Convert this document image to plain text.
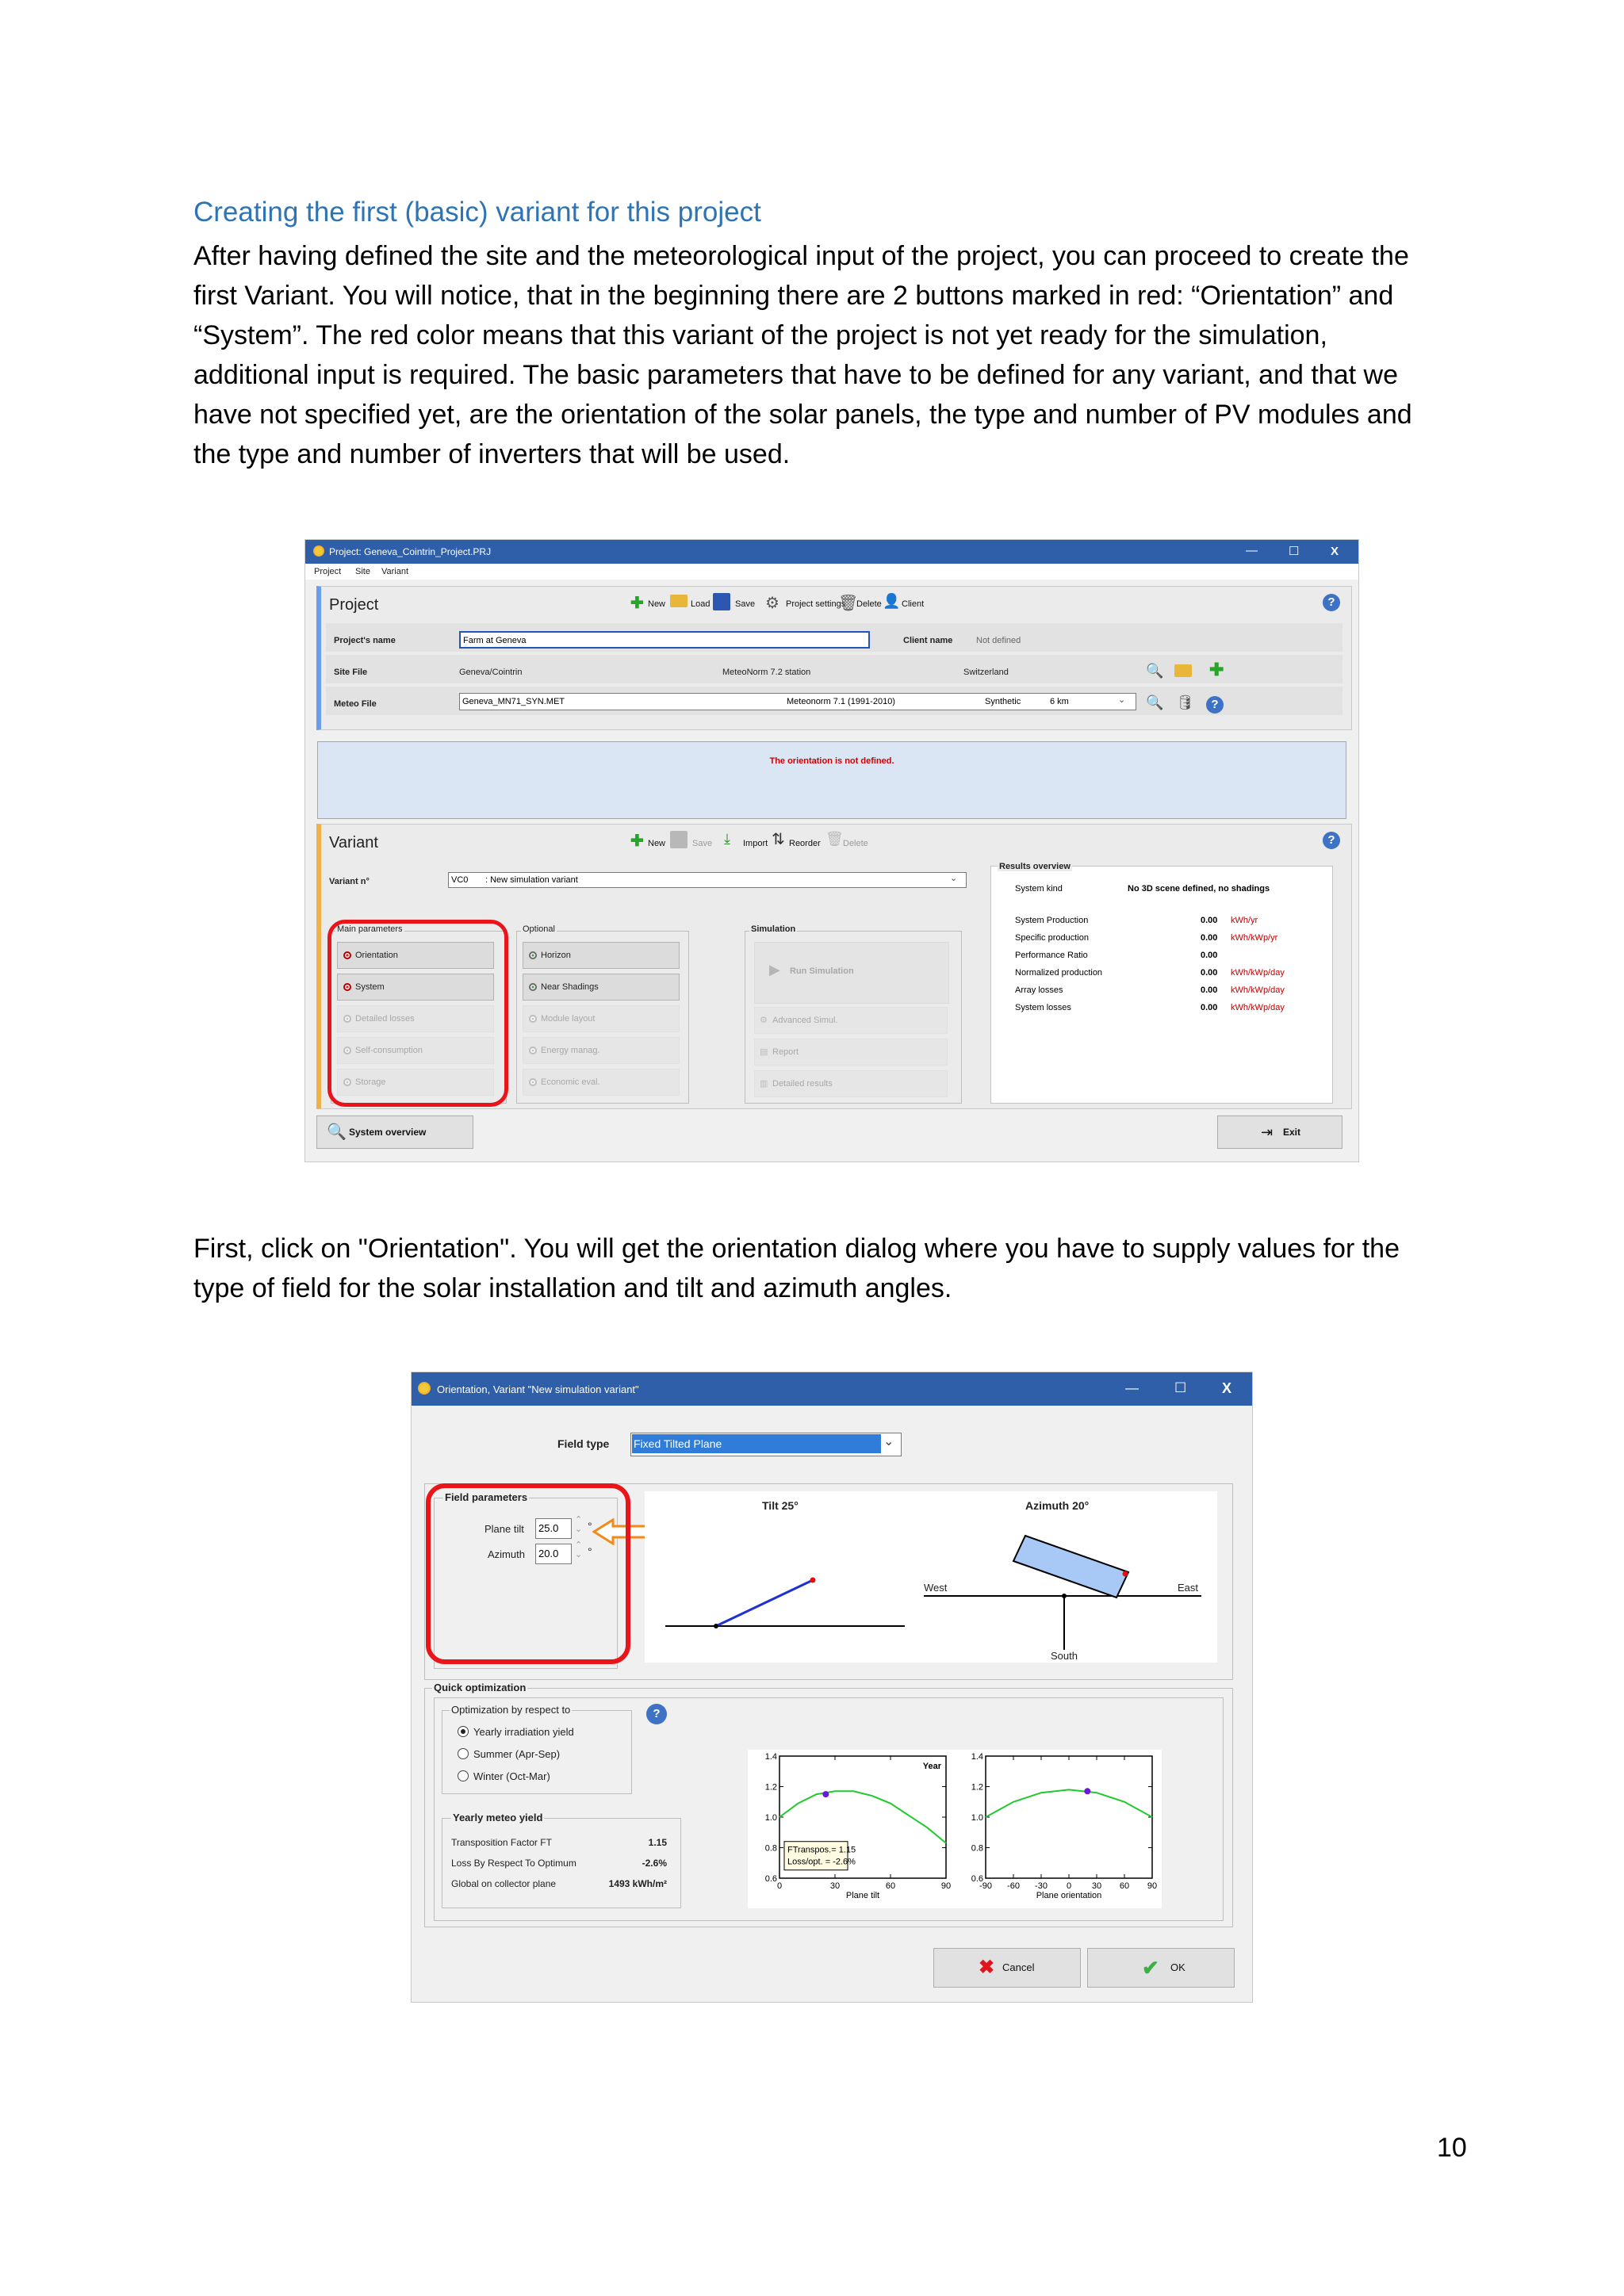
Creating the first (basic) variant for this project
After having defined the site and the meteorological input of the project, you can proceed to create the
first Variant. You will notice, that in the beginning there are 2 buttons marked in red: “Orientation” and
“System”. The red color means that this variant of the project is not yet ready for the simulation,
additional input is required. The basic parameters that have to be defined for any variant, and that we
have not specified yet, are the orientation of the solar panels, the type and number of PV modules and
the type and number of inverters that will be used.
Project: Geneva_Cointrin_Project.PRJ	—	☐	X
Project Site Variant
Project	✚ New	Load	Save ⚙ Project settings
🗑
Delete 👤 Client	?
Project's name	Farm at Geneva	Client name	Not defined
Site File	Geneva/Cointrin	MeteoNorm 7.2 station	Switzerland	🔍	✚
Meteo File	Geneva_MN71_SYN.MET	Meteonorm 7.1 (1991-2010)	Synthetic	6 km	⌄ 🔍 🛢	?
The orientation is not defined.
Variant	✚ New	Save ⤓ Import ⇅ Reorder 🗑 Delete	?
Variant n°	VC0 : New simulation variant	⌄
Main parameters
Orientation
System
Detailed losses
Self-consumption
Storage
Optional
Horizon
Near Shadings
Module layout
Energy manag.
Economic eval.
Simulation
▶ Run Simulation
⚙ Advanced Simul.
▤ Report
▥ Detailed results
Results overview
System kind	No 3D scene defined, no shadings
System Production	0.00 kWh/yr
Specific production	0.00 kWh/kWp/yr
Performance Ratio	0.00
Normalized production	0.00 kWh/kWp/day
Array losses	0.00 kWh/kWp/day
System losses	0.00 kWh/kWp/day
🔍 System overview	⇥ Exit
First, click on "Orientation". You will get the orientation dialog where you have to supply values for the
type of field for the solar installation and tilt and azimuth angles.
Orientation, Variant "New simulation variant"	—	☐ X
Field type Fixed Tilted Plane	⌄
Field parameters
Plane tilt	25.0
⌃
⌄ °
Azimuth	20.0
⌃
⌄ °
Tilt 25°	Azimuth 20°
West	East
South
Quick optimization
Optimization by respect to
Yearly irradiation yield
Summer (Apr-Sep)
Winter (Oct-Mar)
?
Yearly meteo yield
Transposition Factor FT	1.15
Loss By Respect To Optimum	-2.6%
Global on collector plane	1493 kWh/m²	0	30	60	90
0.6
0.8
1.0
1.2
1.4
Plane tilt
Year
FTranspos.= 1.15
Loss/opt. = -2.6%
-90 -60 -30 0 30 60 90
0.6
0.8
1.0
1.2
1.4
Plane orientation
✖ Cancel	✔ OK
10
